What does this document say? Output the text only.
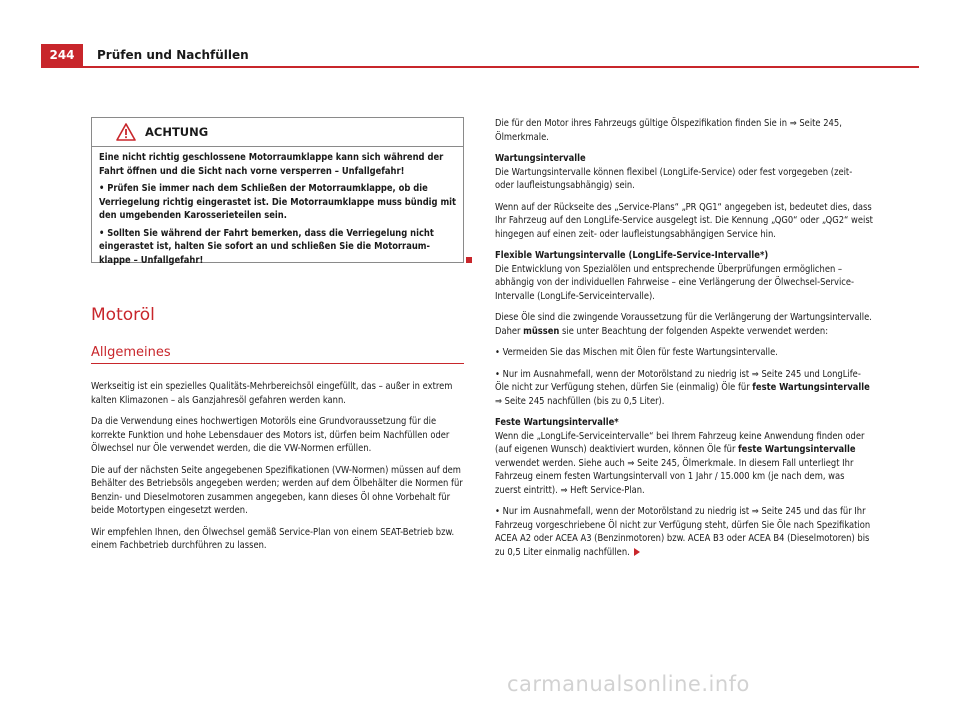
244	Prüfen und Nachfüllen
ACHTUNG

Eine nicht richtig geschlossene Motorraumklappe kann sich während der Fahrt öffnen und die Sicht nach vorne versperren – Unfallgefahr!

• Prüfen Sie immer nach dem Schließen der Motorraumklappe, ob die Verriegelung richtig eingerastet ist. Die Motorraumklappe muss bündig mit den umgebenden Karosserieteilen sein.

• Sollten Sie während der Fahrt bemerken, dass die Verriegelung nicht eingerastet ist, halten Sie sofort an und schließen Sie die Motorraumklappe – Unfallgefahr!

Motoröl
Allgemeines

Werkseitig ist ein spezielles Qualitäts-Mehrbereichsöl eingefüllt, das – außer in extrem kalten Klimazonen – als Ganzjahresöl gefahren werden kann.

Da die Verwendung eines hochwertigen Motoröls eine Grundvoraussetzung für die korrekte Funktion und hohe Lebensdauer des Motors ist, dürfen beim Nachfüllen oder Ölwechsel nur Öle verwendet werden, die die VW-Normen erfüllen.

Die auf der nächsten Seite angegebenen Spezifikationen (VW-Normen) müssen auf dem Behälter des Betriebsöls angegeben werden; werden auf dem Ölbehälter die Normen für Benzin- und Dieselmotoren zusammen angegeben, kann dieses Öl ohne Vorbehalt für beide Motortypen eingesetzt werden.

Wir empfehlen Ihnen, den Ölwechsel gemäß Service-Plan von einem SEAT-Betrieb bzw. einem Fachbetrieb durchführen zu lassen.

Die für den Motor ihres Fahrzeugs gültige Ölspezifikation finden Sie in ⇒ Seite 245, Ölmerkmale.

Wartungsintervalle

Die Wartungsintervalle können flexibel (LongLife-Service) oder fest vorgegeben (zeit- oder laufleistungsabhängig) sein.

Wenn auf der Rückseite des „Service-Plans“ „PR QG1“ angegeben ist, bedeutet dies, dass Ihr Fahrzeug auf den LongLife-Service ausgelegt ist. Die Kennung „QG0“ oder „QG2“ weist hingegen auf einen zeit- oder laufleistungsabhängigen Service hin.

Flexible Wartungsintervalle (LongLife-Service-Intervalle*)

Die Entwicklung von Spezialölen und entsprechende Überprüfungen ermöglichen – abhängig von der individuellen Fahrweise – eine Verlängerung der Ölwechsel-Service-Intervalle (LongLife-Serviceintervalle).

Diese Öle sind die zwingende Voraussetzung für die Verlängerung der Wartungsintervalle. Daher müssen sie unter Beachtung der folgenden Aspekte verwendet werden:

• Vermeiden Sie das Mischen mit Ölen für feste Wartungsintervalle.

• Nur im Ausnahmefall, wenn der Motorölstand zu niedrig ist ⇒ Seite 245 und LongLife-Öle nicht zur Verfügung stehen, dürfen Sie (einmalig) Öle für feste Wartungsintervalle ⇒ Seite 245 nachfüllen (bis zu 0,5 Liter).

Feste Wartungsintervalle*

Wenn die „LongLife-Serviceintervalle“ bei Ihrem Fahrzeug keine Anwendung finden oder (auf eigenen Wunsch) deaktiviert wurden, können Öle für feste Wartungsintervalle verwendet werden. Siehe auch ⇒ Seite 245, Ölmerkmale. In diesem Fall unterliegt Ihr Fahrzeug einem festen Wartungsintervall von 1 Jahr / 15.000 km (je nach dem, was zuerst eintritt). ⇒ Heft Service-Plan.

• Nur im Ausnahmefall, wenn der Motorölstand zu niedrig ist ⇒ Seite 245 und das für Ihr Fahrzeug vorgeschriebene Öl nicht zur Verfügung steht, dürfen Sie Öle nach Spezifikation ACEA A2 oder ACEA A3 (Benzinmotoren) bzw. ACEA B3 oder ACEA B4 (Dieselmotoren) bis zu 0,5 Liter einmalig nachfüllen.

carmanualsonline.info
